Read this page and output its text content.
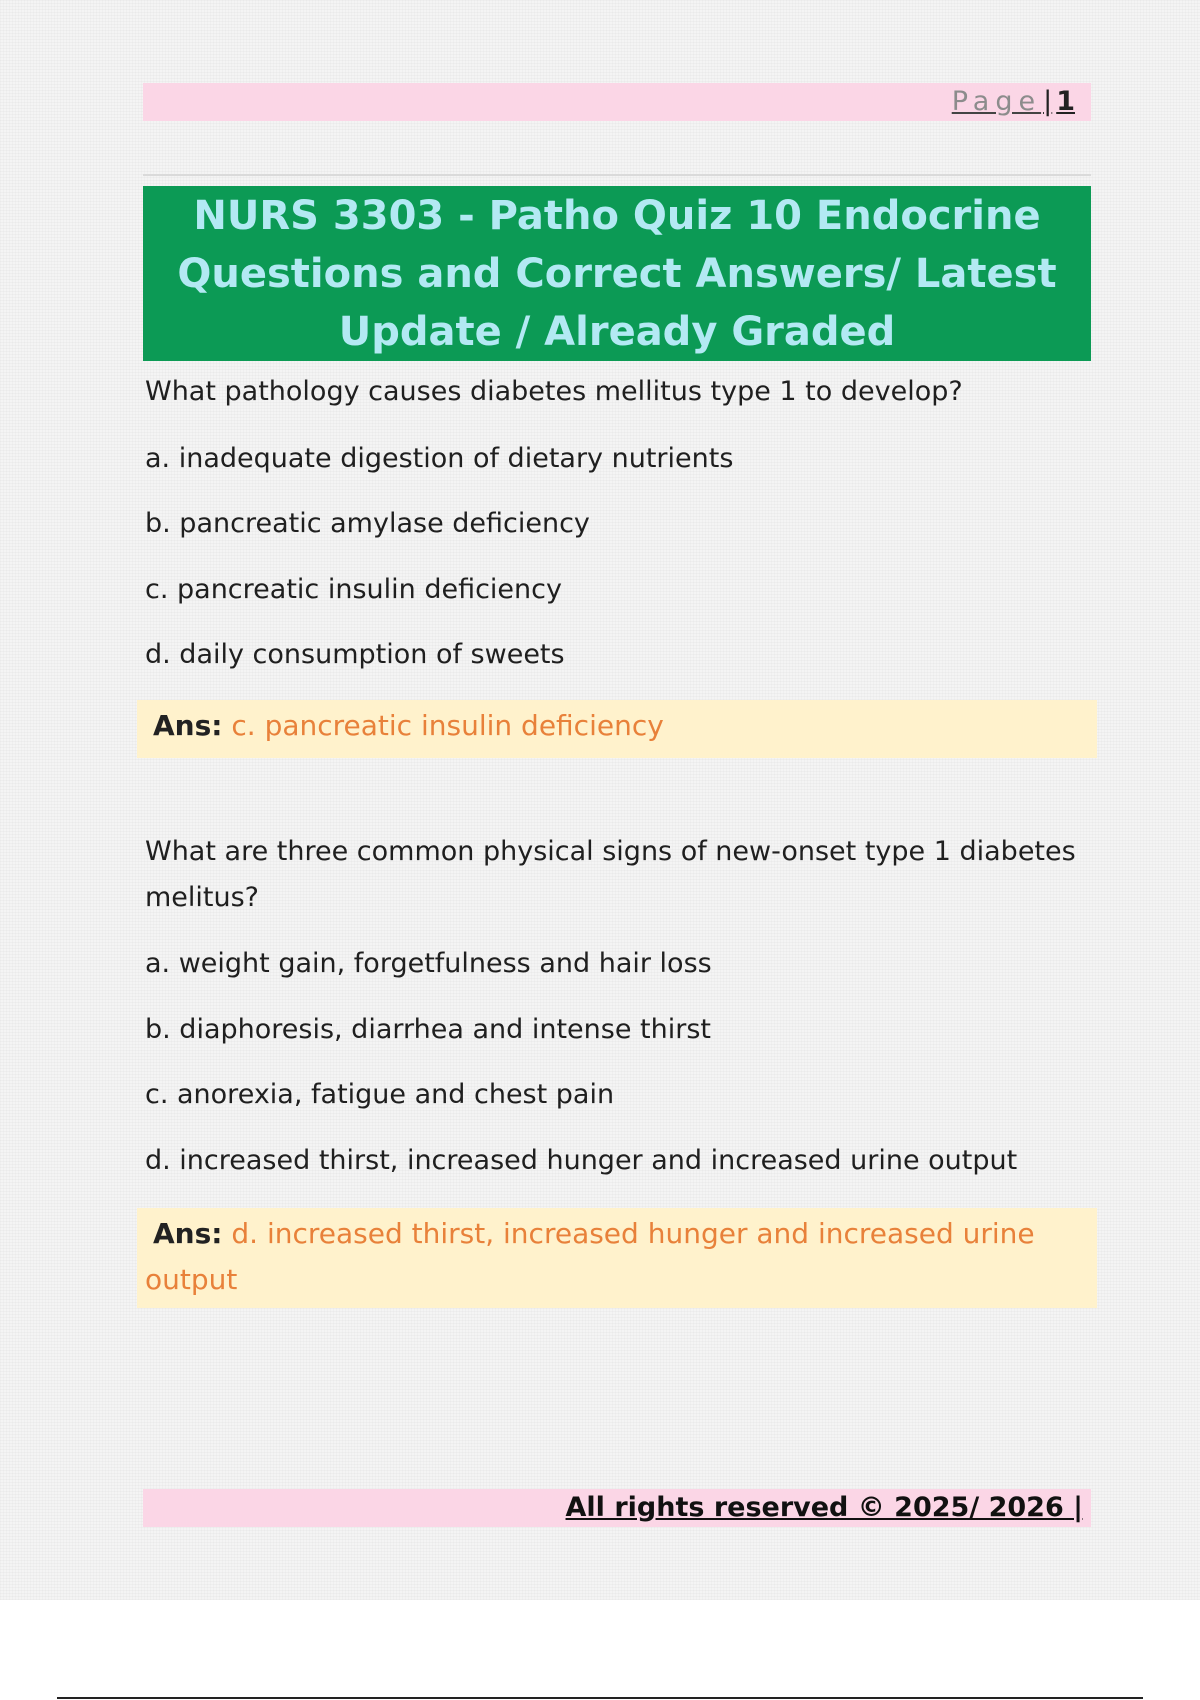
Page| 1
NURS 3303 - Patho Quiz 10 Endocrine Questions and Correct Answers/ Latest Update / Already Graded
What pathology causes diabetes mellitus type 1 to develop?
a. inadequate digestion of dietary nutrients
b. pancreatic amylase deficiency
c. pancreatic insulin deficiency
d. daily consumption of sweets
Ans: c. pancreatic insulin deficiency
What are three common physical signs of new-onset type 1 diabetes melitus?
a. weight gain, forgetfulness and hair loss
b. diaphoresis, diarrhea and intense thirst
c. anorexia, fatigue and chest pain
d. increased thirst, increased hunger and increased urine output
Ans: d. increased thirst, increased hunger and increased urine output
All rights reserved © 2025/ 2026 |
